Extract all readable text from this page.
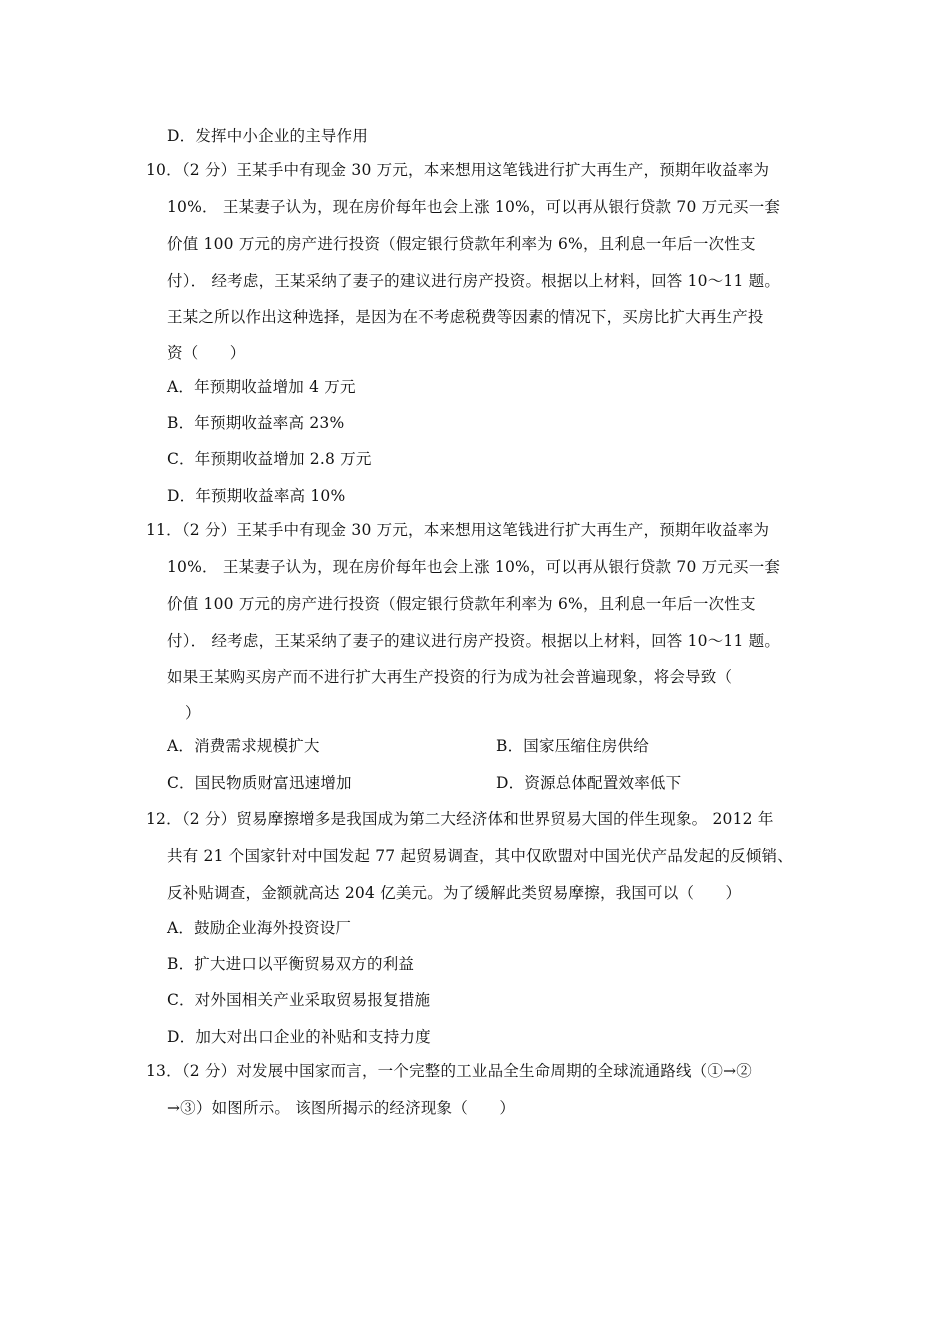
D．发挥中小企业的主导作用
10．（2 分）王某手中有现金 30 万元，本来想用这笔钱进行扩大再生产，预期年收益率为
10%． 王某妻子认为，现在房价每年也会上涨 10%，可以再从银行贷款 70 万元买一套
价值 100 万元的房产进行投资（假定银行贷款年利率为 6%，且利息一年后一次性支
付）． 经考虑，王某采纳了妻子的建议进行房产投资。根据以上材料，回答 10～11 题。
王某之所以作出这种选择，是因为在不考虑税费等因素的情况下，买房比扩大再生产投
资（　　）
A．年预期收益增加 4 万元
B．年预期收益率高 23%
C．年预期收益增加 2.8 万元
D．年预期收益率高 10%
11．（2 分）王某手中有现金 30 万元，本来想用这笔钱进行扩大再生产，预期年收益率为
10%． 王某妻子认为，现在房价每年也会上涨 10%，可以再从银行贷款 70 万元买一套
价值 100 万元的房产进行投资（假定银行贷款年利率为 6%，且利息一年后一次性支
付）． 经考虑，王某采纳了妻子的建议进行房产投资。根据以上材料，回答 10～11 题。
如果王某购买房产而不进行扩大再生产投资的行为成为社会普遍现象，将会导致（
）
A．消费需求规模扩大	B．国家压缩住房供给
C．国民物质财富迅速增加	D．资源总体配置效率低下
12．（2 分）贸易摩擦增多是我国成为第二大经济体和世界贸易大国的伴生现象。 2012 年
共有 21 个国家针对中国发起 77 起贸易调查，其中仅欧盟对中国光伏产品发起的反倾销、
反补贴调查，金额就高达 204 亿美元。为了缓解此类贸易摩擦，我国可以（　　）
A．鼓励企业海外投资设厂
B．扩大进口以平衡贸易双方的利益
C．对外国相关产业采取贸易报复措施
D．加大对出口企业的补贴和支持力度
13．（2 分）对发展中国家而言，一个完整的工业品全生命周期的全球流通路线（①→②
→③）如图所示。 该图所揭示的经济现象（　　）
